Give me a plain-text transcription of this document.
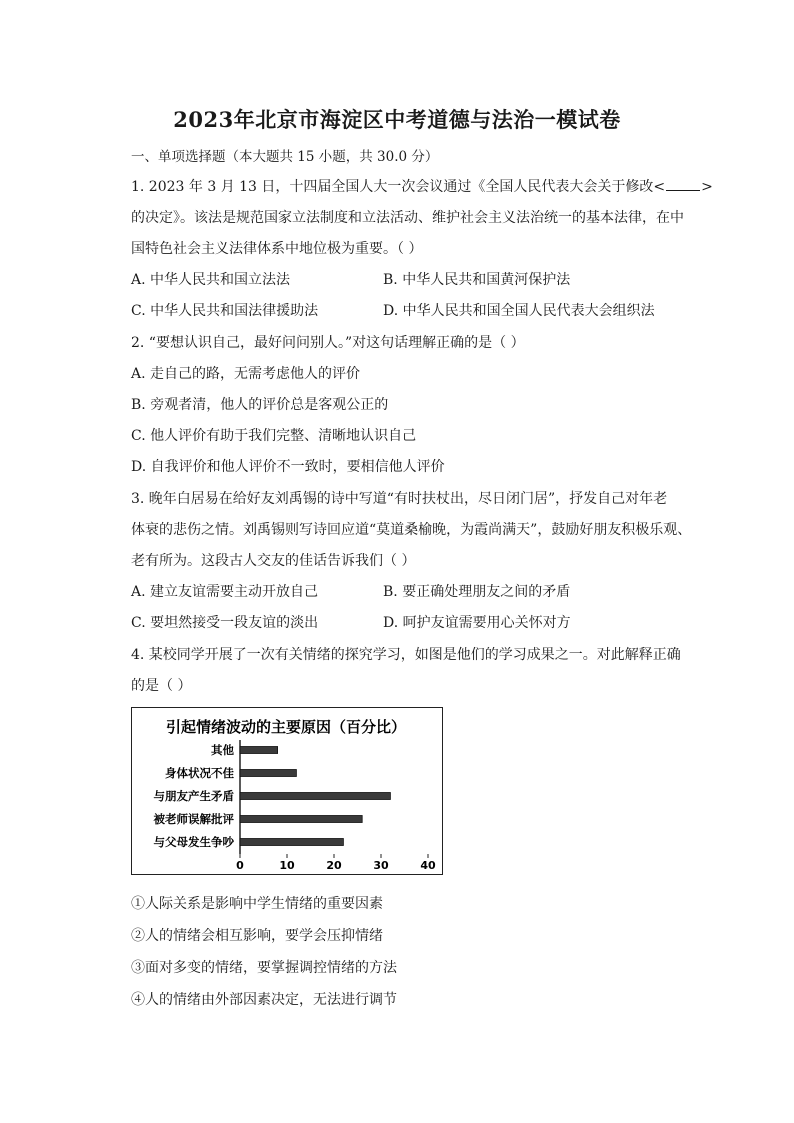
2023年北京市海淀区中考道德与法治一模试卷
一、单项选择题（本大题共 15 小题，共 30.0 分）
1. 2023 年 3 月 13 日，十四届全国人大一次会议通过《全国人民代表大会关于修改<	>
的决定》。该法是规范国家立法制度和立法活动、维护社会主义法治统一的基本法律，在中
国特色社会主义法律体系中地位极为重要。（ ）
A. 中华人民共和国立法法	B. 中华人民共和国黄河保护法
C. 中华人民共和国法律援助法	D. 中华人民共和国全国人民代表大会组织法
2. “要想认识自己，最好问问别人。”对这句话理解正确的是（ ）
A. 走自己的路，无需考虑他人的评价
B. 旁观者清，他人的评价总是客观公正的
C. 他人评价有助于我们完整、清晰地认识自己
D. 自我评价和他人评价不一致时，要相信他人评价
3. 晚年白居易在给好友刘禹锡的诗中写道“有时扶杖出，尽日闭门居”，抒发自己对年老
体衰的悲伤之情。刘禹锡则写诗回应道“莫道桑榆晚，为霞尚满天”，鼓励好朋友积极乐观、
老有所为。这段古人交友的佳话告诉我们（ ）
A. 建立友谊需要主动开放自己	B. 要正确处理朋友之间的矛盾
C. 要坦然接受一段友谊的淡出	D. 呵护友谊需要用心关怀对方
4. 某校同学开展了一次有关情绪的探究学习，如图是他们的学习成果之一。对此解释正确
的是（ ）
引起情绪波动的主要原因（百分比）
其他
身体状况不佳
与朋友产生矛盾
被老师误解批评
与父母发生争吵
0	10	20	30	40
①人际关系是影响中学生情绪的重要因素
②人的情绪会相互影响，要学会压抑情绪
③面对多变的情绪，要掌握调控情绪的方法
④人的情绪由外部因素决定，无法进行调节
